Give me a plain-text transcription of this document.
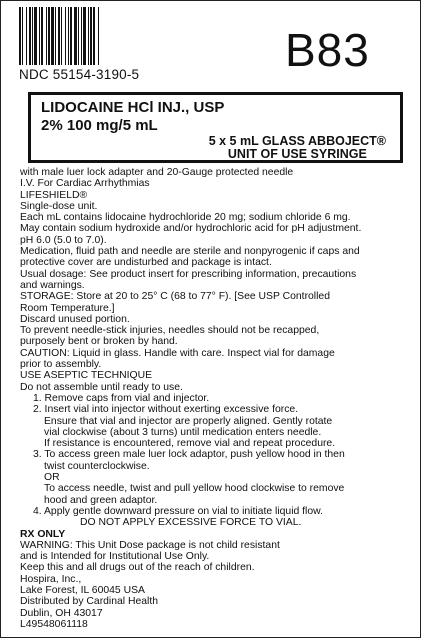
NDC 55154-3190-5	B83
LIDOCAINE HCl INJ., USP
2% 100 mg/5 mL
5 x 5 mL GLASS ABBOJECT®
UNIT OF USE SYRINGE
with male luer lock adapter and 20-Gauge protected needle
I.V. For Cardiac Arrhythmias
LIFESHIELD®
Single-dose unit.
Each mL contains lidocaine hydrochloride 20 mg; sodium chloride 6 mg.
May contain sodium hydroxide and/or hydrochloric acid for pH adjustment.
pH 6.0 (5.0 to 7.0).
Medication, fluid path and needle are sterile and nonpyrogenic if caps and
protective cover are undisturbed and package is intact.
Usual dosage: See product insert for prescribing information, precautions
and warnings.
STORAGE: Store at 20 to 25° C (68 to 77° F). [See USP Controlled
Room Temperature.]
Discard unused portion.
To prevent needle-stick injuries, needles should not be recapped,
purposely bent or broken by hand.
CAUTION: Liquid in glass. Handle with care. Inspect vial for damage
prior to assembly.
USE ASEPTIC TECHNIQUE
Do not assemble until ready to use.
1. Remove caps from vial and injector.
2. Insert vial into injector without exerting excessive force.
Ensure that vial and injector are properly aligned. Gently rotate
vial clockwise (about 3 turns) until medication enters needle.
If resistance is encountered, remove vial and repeat procedure.
3. To access green male luer lock adaptor, push yellow hood in then
twist counterclockwise.
OR
To access needle, twist and pull yellow hood clockwise to remove
hood and green adaptor.
4. Apply gentle downward pressure on vial to initiate liquid flow.
DO NOT APPLY EXCESSIVE FORCE TO VIAL.
RX ONLY
WARNING: This Unit Dose package is not child resistant
and is Intended for Institutional Use Only.
Keep this and all drugs out of the reach of children.
Hospira, Inc.,
Lake Forest, IL 60045 USA
Distributed by Cardinal Health
Dublin, OH 43017
L49548061118
